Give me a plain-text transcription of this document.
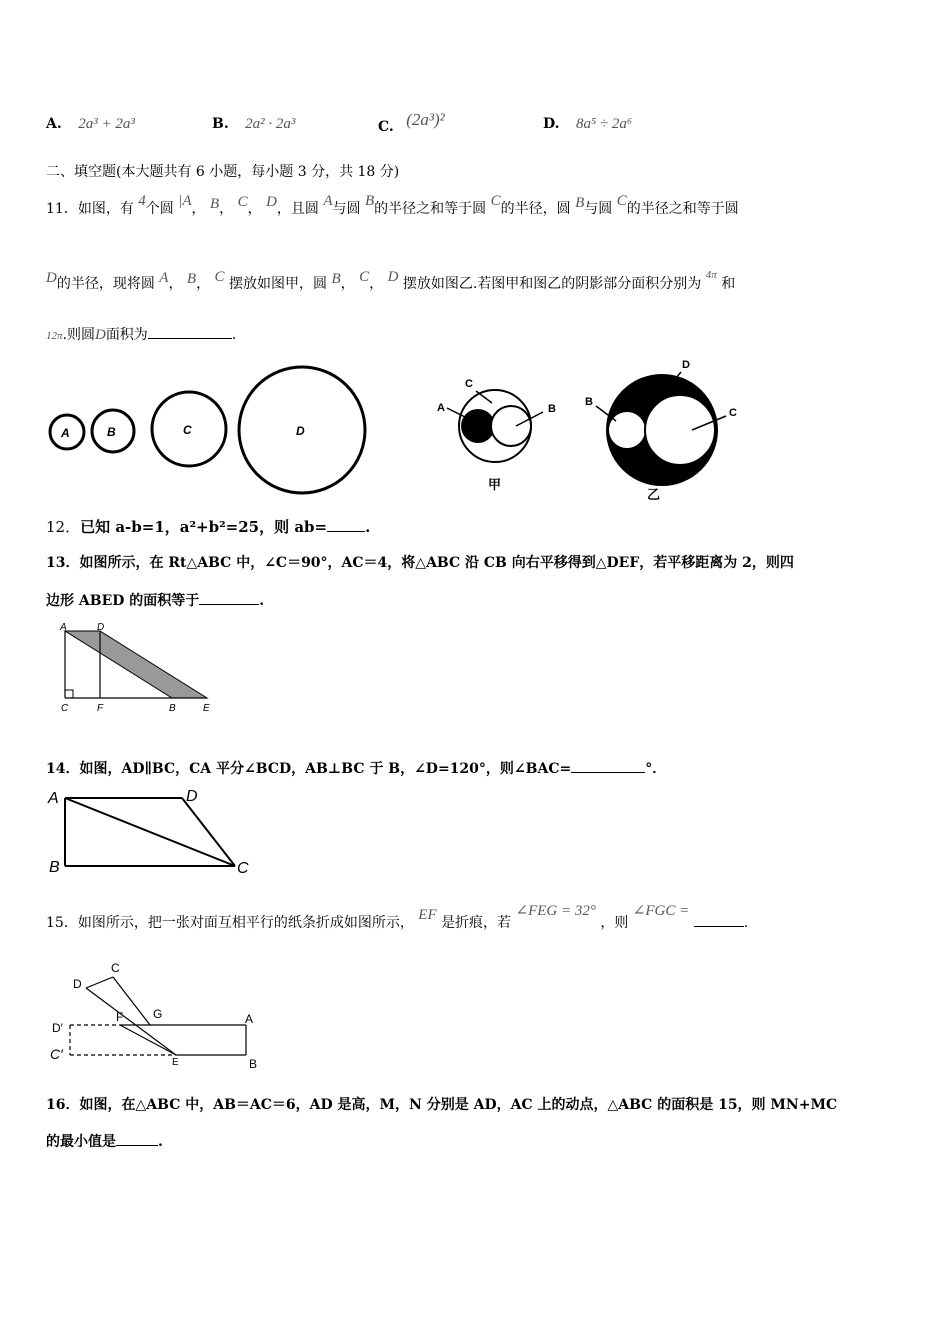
A. 2a³ + 2a³	B. 2a² · 2a³	C. (2a³)²	D. 8a⁵ ÷ 2a⁶
二、填空题(本大题共有 6 小题，每小题 3 分，共 18 分)
11．如图，有 4个圆 |A， B， C， D，且圆 A与圆 B的半径之和等于圆 C的半径，圆 B与圆 C的半径之和等于圆
D的半径，现将圆 A， B， C 摆放如图甲，圆 B， C， D 摆放如图乙.若图甲和图乙的阴影部分面积分别为 $^{4\pi}$ 和
12π.则圆D面积为	.
A	B	C	D
A
C
B
甲
B
D
C
乙
12．已知 a-b=1，a²+b²=25，则 ab=	.
13．如图所示，在 Rt△ABC 中，∠C＝90°，AC＝4，将△ABC 沿 CB 向右平移得到△DEF，若平移距离为 2，则四
边形 ABED 的面积等于	.
A	D
C	F	B	E
14．如图，AD∥BC，CA 平分∠BCD，AB⊥BC 于 B，∠D=120°，则∠BAC=	°．
A	D
B	C
15．如图所示，把一张对面互相平行的纸条折成如图所示， EF 是折痕，若 ∠FEG = 32° ，则 ∠FGC = .
C
D
F G	A
D′
C′
E	B
16．如图，在△ABC 中，AB＝AC＝6，AD 是高，M，N 分别是 AD，AC 上的动点，△ABC 的面积是 15，则 MN+MC
的最小值是	.
